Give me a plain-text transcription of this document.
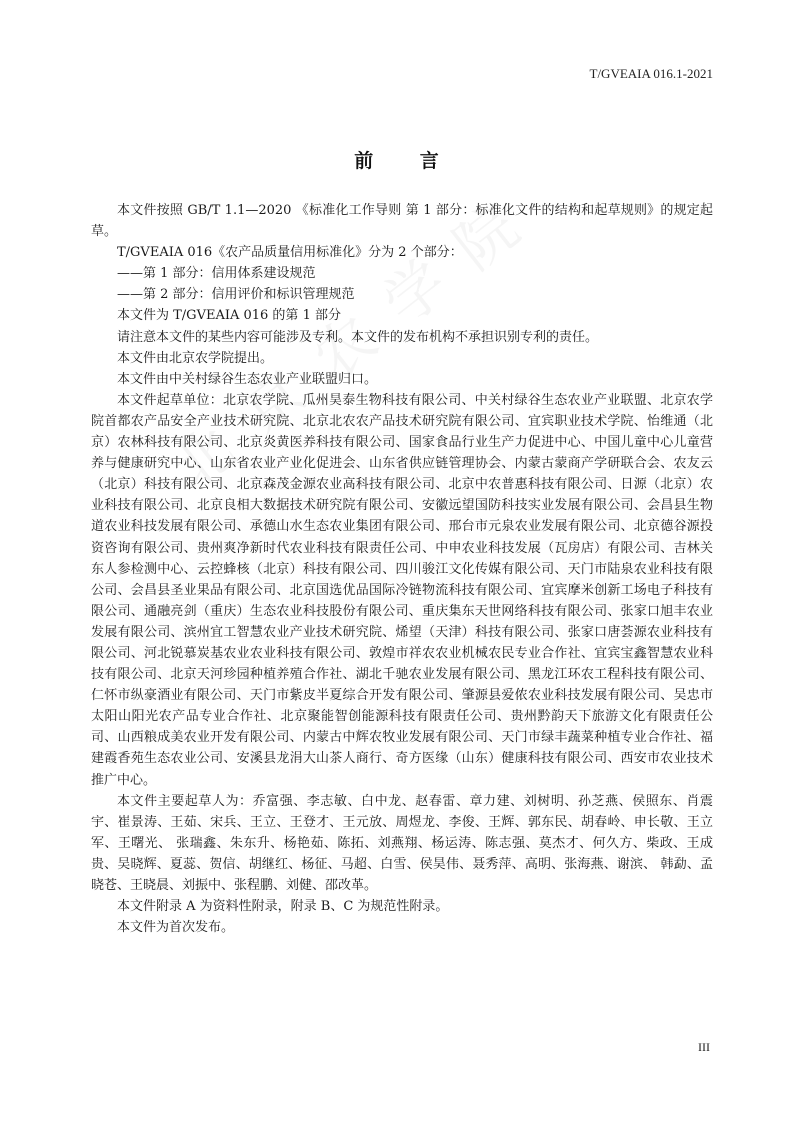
T/GVEAIA 016.1-2021
前 言

本文件按照 GB/T 1.1—2020 《标准化工作导则 第 1 部分：标准化文件的结构和起草规则》的规定起草。

T/GVEAIA 016《农产品质量信用标准化》分为 2 个部分：

——第 1 部分：信用体系建设规范

——第 2 部分：信用评价和标识管理规范

本文件为 T/GVEAIA 016 的第 1 部分

请注意本文件的某些内容可能涉及专利。本文件的发布机构不承担识别专利的责任。

本文件由北京农学院提出。

本文件由中关村绿谷生态农业产业联盟归口。

本文件起草单位：北京农学院、瓜州昊泰生物科技有限公司、中关村绿谷生态农业产业联盟、北京农学院首都农产品安全产业技术研究院、北京北农农产品技术研究院有限公司、宜宾职业技术学院、怡维通（北京）农林科技有限公司、北京炎黄医养科技有限公司、国家食品行业生产力促进中心、中国儿童中心儿童营养与健康研究中心、山东省农业产业化促进会、山东省供应链管理协会、内蒙古蒙商产学研联合会、农友云（北京）科技有限公司、北京森茂金源农业高科技有限公司、北京中农普惠科技有限公司、日源（北京）农业科技有限公司、北京良相大数据技术研究院有限公司、安徽远望国防科技实业发展有限公司、会昌县生物道农业科技发展有限公司、承德山水生态农业集团有限公司、邢台市元泉农业发展有限公司、北京德谷源投资咨询有限公司、贵州爽净新时代农业科技有限责任公司、中申农业科技发展（瓦房店）有限公司、吉林关东人参检测中心、云控蜂核（北京）科技有限公司、四川骏江文化传媒有限公司、天门市陆泉农业科技有限公司、会昌县圣业果品有限公司、北京国选优品国际冷链物流科技有限公司、宜宾摩米创新工场电子科技有限公司、通融亮剑（重庆）生态农业科技股份有限公司、重庆集东天世网络科技有限公司、张家口旭丰农业发展有限公司、滨州宜工智慧农业产业技术研究院、烯望（天津）科技有限公司、张家口唐荟源农业科技有限公司、河北锐慕炭基农业农业科技有限公司、敦煌市祥农农业机械农民专业合作社、宜宾宝鑫智慧农业科技有限公司、北京天河珍园种植养殖合作社、湖北千驰农业发展有限公司、黑龙江环农工程科技有限公司、仁怀市纵豪酒业有限公司、天门市紫皮半夏综合开发有限公司、肇源县爱侬农业科技发展有限公司、吴忠市太阳山阳光农产品专业合作社、北京聚能智创能源科技有限责任公司、贵州黔韵天下旅游文化有限责任公司、山西粮成美农业开发有限公司、内蒙古中辉农牧业发展有限公司、天门市绿丰蔬菜种植专业合作社、福建霞香苑生态农业公司、安溪县龙涓大山茶人商行、奇方医缘（山东）健康科技有限公司、西安市农业技术推广中心。

本文件主要起草人为：乔富强、李志敏、白中龙、赵春雷、章力建、刘树明、孙芝燕、侯照东、肖震宇、崔景涛、王茹、宋兵、王立、王登才、王元放、周煜龙、李俊、王辉、郭东民、胡春岭、申长敬、王立军、王曙光、 张瑞鑫、朱东升、杨艳茹、陈拓、刘燕翔、杨运涛、陈志强、莫杰才、何久方、柴政、王成贵、吴晓辉、夏蕊、贺信、胡继红、杨征、马超、白雪、侯昊伟、聂秀萍、高明、张海燕、谢滨、 韩勐、孟晓苍、王晓晨、刘振中、张程鹏、刘健、邵改革。

本文件附录 A 为资料性附录，附录 B、C 为规范性附录。

本文件为首次发布。

III
